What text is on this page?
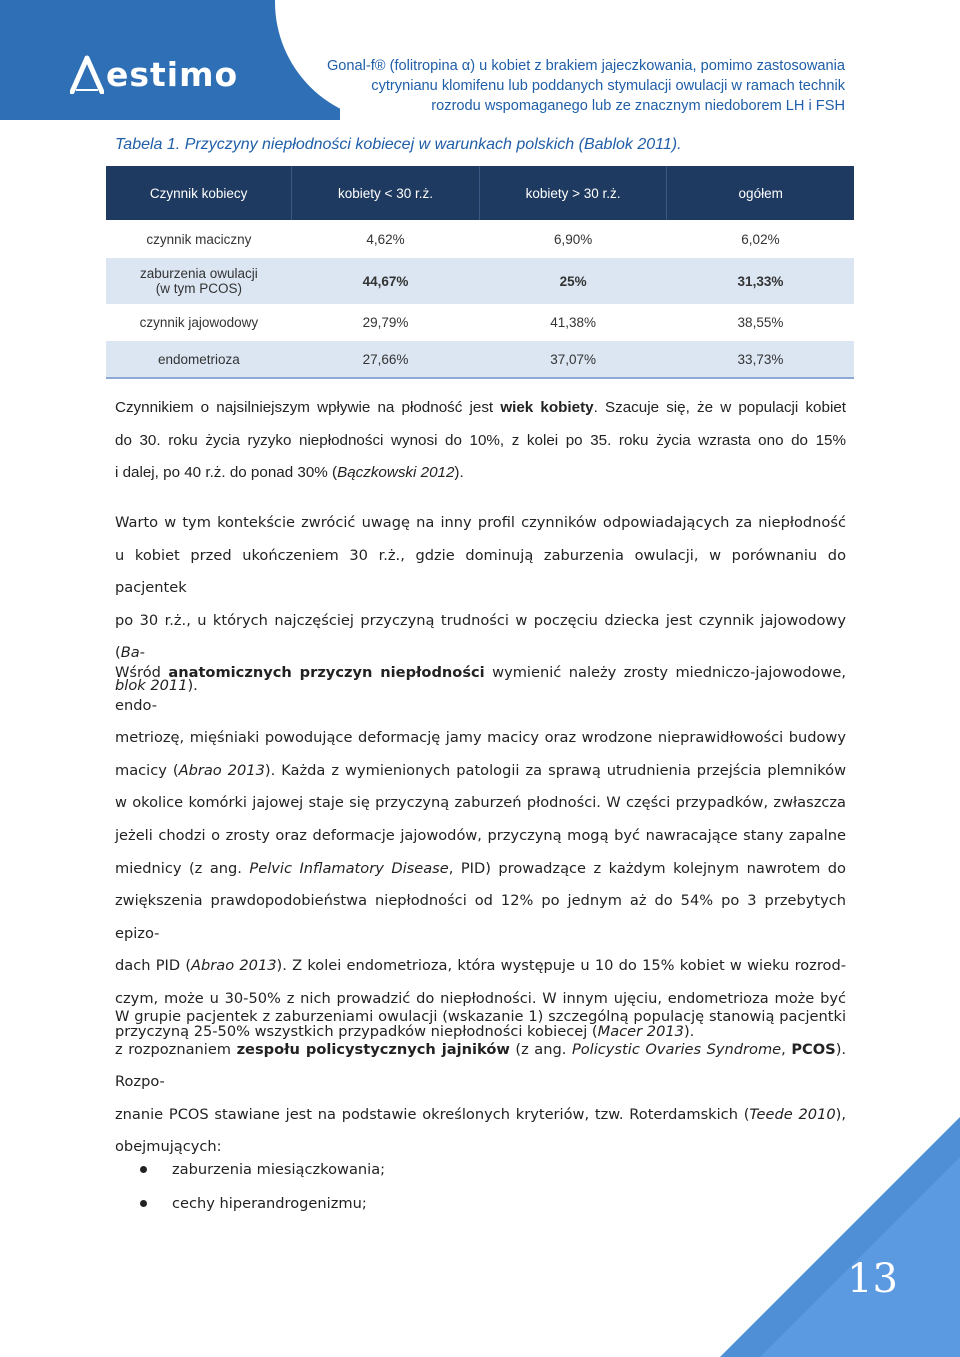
estimo	Gonal-f® (folitropina α) u kobiet z brakiem jajeczkowania, pomimo zastosowania
cytrynianu klomifenu lub poddanych stymulacji owulacji w ramach technik
rozrodu wspomaganego lub ze znacznym niedoborem LH i FSH
Tabela 1. Przyczyny niepłodności kobiecej w warunkach polskich (Bablok 2011).
Czynnik kobiecy	kobiety < 30 r.ż.	kobiety > 30 r.ż.	ogółem
czynnik maciczny	4,62%	6,90%	6,02%

zaburzenia owulacji
(w tym PCOS)	44,67%	25%	31,33%
czynnik jajowodowy	29,79%	41,38%	38,55%
endometrioza	27,66%	37,07%	33,73%
Czynnikiem o najsilniejszym wpływie na płodność jest wiek kobiety. Szacuje się, że w populacji kobiet
do 30. roku życia ryzyko niepłodności wynosi do 10%, z kolei po 35. roku życia wzrasta ono do 15%
i dalej, po 40 r.ż. do ponad 30% (Bączkowski 2012).
Warto w tym kontekście zwrócić uwagę na inny profil czynników odpowiadających za niepłodność
u kobiet przed ukończeniem 30 r.ż., gdzie dominują zaburzenia owulacji, w porównaniu do pacjentek
po 30 r.ż., u których najczęściej przyczyną trudności w poczęciu dziecka jest czynnik jajowodowy (Ba-
blok 2011).
Wśród anatomicznych przyczyn niepłodności wymienić należy zrosty miedniczo-jajowodowe, endo-
metriozę, mięśniaki powodujące deformację jamy macicy oraz wrodzone nieprawidłowości budowy
macicy (Abrao 2013). Każda z wymienionych patologii za sprawą utrudnienia przejścia plemników
w okolice komórki jajowej staje się przyczyną zaburzeń płodności. W części przypadków, zwłaszcza
jeżeli chodzi o zrosty oraz deformacje jajowodów, przyczyną mogą być nawracające stany zapalne
miednicy (z ang. Pelvic Inflamatory Disease, PID) prowadzące z każdym kolejnym nawrotem do
zwiększenia prawdopodobieństwa niepłodności od 12% po jednym aż do 54% po 3 przebytych epizo-
dach PID (Abrao 2013). Z kolei endometrioza, która występuje u 10 do 15% kobiet w wieku rozrod-
czym, może u 30-50% z nich prowadzić do niepłodności. W innym ujęciu, endometrioza może być
przyczyną 25-50% wszystkich przypadków niepłodności kobiecej (Macer 2013).
W grupie pacjentek z zaburzeniami owulacji (wskazanie 1) szczególną populację stanowią pacjentki
z rozpoznaniem zespołu policystycznych jajników (z ang. Policystic Ovaries Syndrome, PCOS). Rozpo-
znanie PCOS stawiane jest na podstawie określonych kryteriów, tzw. Roterdamskich (Teede 2010),
obejmujących:
zaburzenia miesiączkowania;
cechy hiperandrogenizmu;
13
